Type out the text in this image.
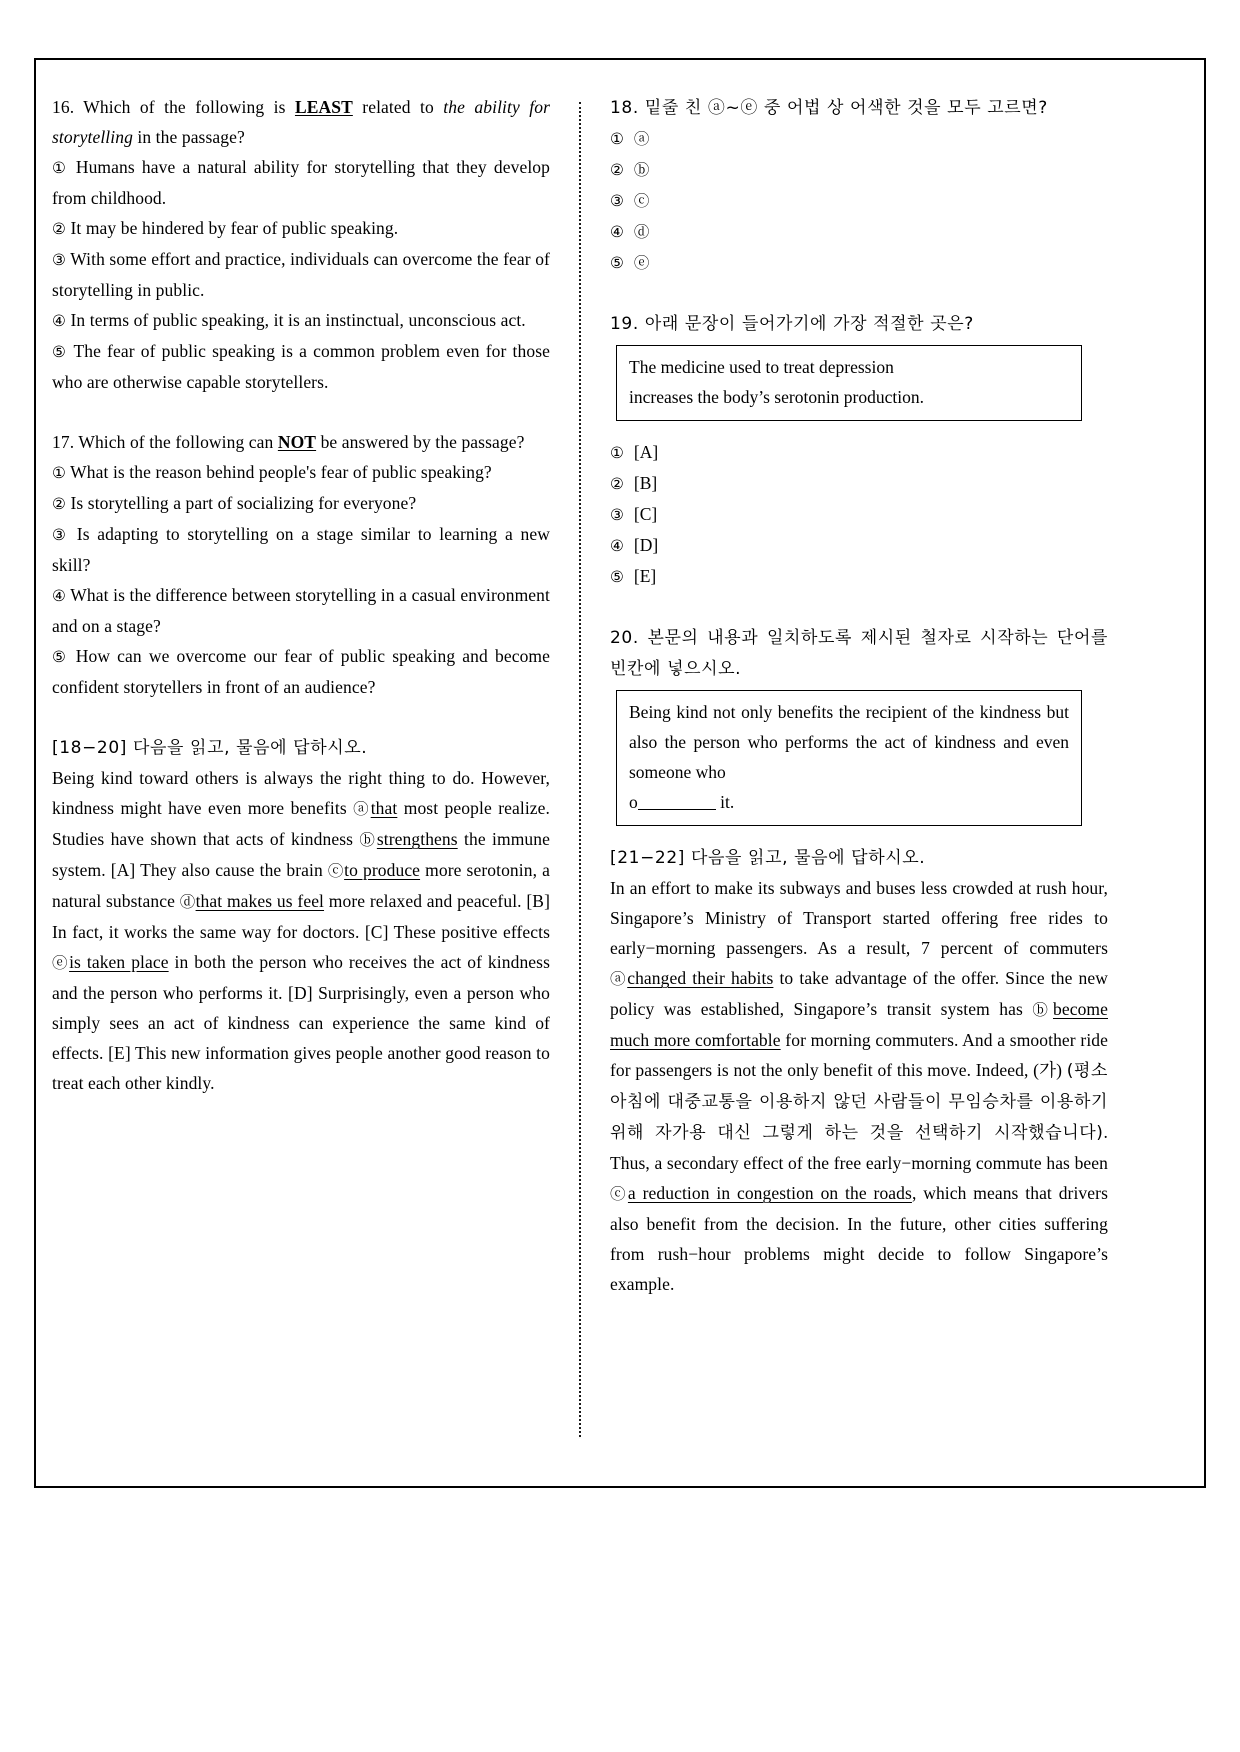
16. Which of the following is LEAST related to the ability for storytelling in the passage?

① Humans have a natural ability for storytelling that they develop from childhood.

② It may be hindered by fear of public speaking.

③ With some effort and practice, individuals can overcome the fear of storytelling in public.

④ In terms of public speaking, it is an instinctual, unconscious act.

⑤ The fear of public speaking is a common problem even for those who are otherwise capable storytellers.

17. Which of the following can NOT be answered by the passage?

① What is the reason behind people's fear of public speaking?

② Is storytelling a part of socializing for everyone?

③ Is adapting to storytelling on a stage similar to learning a new skill?

④ What is the difference between storytelling in a casual environment and on a stage?

⑤ How can we overcome our fear of public speaking and become confident storytellers in front of an audience?

[18−20] 다음을 읽고, 물음에 답하시오.

Being kind toward others is always the right thing to do. However, kindness might have even more benefits ⓐthat most people realize. Studies have shown that acts of kindness ⓑstrengthens the immune system. [A] They also cause the brain ⓒto produce more serotonin, a natural substance ⓓthat makes us feel more relaxed and peaceful. [B] In fact, it works the same way for doctors. [C] These positive effects ⓔis taken place in both the person who receives the act of kindness and the person who performs it. [D] Surprisingly, even a person who simply sees an act of kindness can experience the same kind of effects. [E] This new information gives people another good reason to treat each other kindly.

18. 밑줄 친 ⓐ~ⓔ 중 어법 상 어색한 것을 모두 고르면?

① ⓐ

② ⓑ

③ ⓒ

④ ⓓ

⑤ ⓔ

19. 아래 문장이 들어가기에 가장 적절한 곳은?

The medicine used to treat depression

increases the body’s serotonin production.

① [A]

② [B]

③ [C]

④ [D]

⑤ [E]

20. 본문의 내용과 일치하도록 제시된 철자로 시작하는 단어를 빈칸에 넣으시오.

Being kind not only benefits the recipient of the kindness but also the person who performs the act of kindness and even someone who

o	it.

[21−22] 다음을 읽고, 물음에 답하시오.

In an effort to make its subways and buses less crowded at rush hour, Singapore’s Ministry of Transport started offering free rides to early−morning passengers. As a result, 7 percent of commuters ⓐchanged their habits to take advantage of the offer. Since the new policy was established, Singapore’s transit system has ⓑbecome much more comfortable for morning commuters. And a smoother ride for passengers is not the only benefit of this move. Indeed, (가) (평소 아침에 대중교통을 이용하지 않던 사람들이 무임승차를 이용하기 위해 자가용 대신 그렇게 하는 것을 선택하기 시작했습니다). Thus, a secondary effect of the free early−morning commute has been ⓒa reduction in congestion on the roads, which means that drivers also benefit from the decision. In the future, other cities suffering from rush−hour problems might decide to follow Singapore’s example.
